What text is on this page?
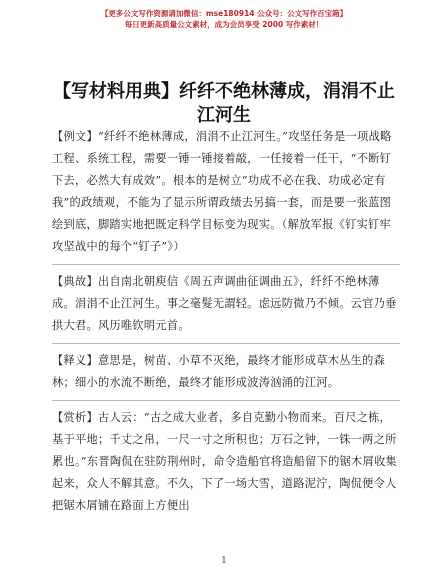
【更多公文写作资源请加微信：mse180914 公众号：公文写作百宝箱】
每日更新高质量公文素材，成为会员享受 2000 写作素材！
【写材料用典】纤纤不绝林薄成，涓涓不止江河生

【例文】“纤纤不绝林薄成，涓涓不止江河生。”攻坚任务是一项战略工程、系统工程，需要一锤一锤接着敲，一任接着一任干，“不断钉下去，必然大有成效”。根本的是树立“功成不必在我、功成必定有我”的政绩观，不能为了显示所谓政绩去另搞一套，而是要一张蓝图绘到底，脚踏实地把既定科学目标变为现实。（解放军报《钉实钉牢攻坚战中的每个“钉子”》）

【典故】出自南北朝庾信《周五声调曲征调曲五》，纤纤不绝林薄成。涓涓不止江河生。事之毫髮无謂轻。虑远防微乃不倾。云官乃垂拱大君。风历唯钦明元首。

【释义】意思是，树苗、小草不灭绝，最终才能形成草木丛生的森林；细小的水流不断绝，最终才能形成波涛汹涌的江河。

【赏析】古人云：“古之成大业者，多自克勤小物而来。百尺之栋，基于平地；千丈之帛，一尺一寸之所积也；万石之钟，一铢一两之所累也。”东晋陶侃在驻防荆州时，命令造船官将造船留下的锯木屑收集起来，众人不解其意。不久，下了一场大雪，道路泥泞，陶侃便令人把锯木屑铺在路面上方便出

1
